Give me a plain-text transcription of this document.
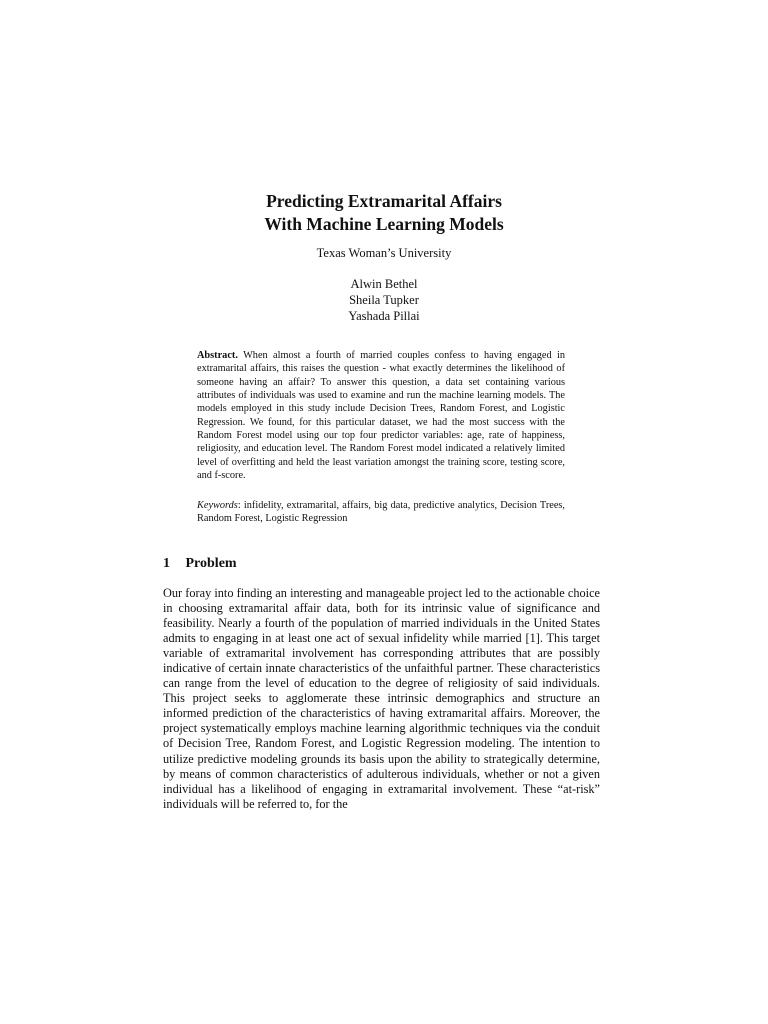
Predicting Extramarital Affairs
With Machine Learning Models
Texas Woman’s University
Alwin Bethel
Sheila Tupker
Yashada Pillai
Abstract. When almost a fourth of married couples confess to having engaged in extramarital affairs, this raises the question - what exactly determines the likelihood of someone having an affair? To answer this question, a data set containing various attributes of individuals was used to examine and run the machine learning models. The models employed in this study include Decision Trees, Random Forest, and Logistic Regression. We found, for this particular dataset, we had the most success with the Random Forest model using our top four predictor variables: age, rate of happiness, religiosity, and education level. The Random Forest model indicated a relatively limited level of overfitting and held the least variation amongst the training score, testing score, and f-score.
Keywords: infidelity, extramarital, affairs, big data, predictive analytics, Decision Trees, Random Forest, Logistic Regression
1 Problem
Our foray into finding an interesting and manageable project led to the actionable choice in choosing extramarital affair data, both for its intrinsic value of significance and feasibility. Nearly a fourth of the population of married individuals in the United States admits to engaging in at least one act of sexual infidelity while married [1]. This target variable of extramarital involvement has corresponding attributes that are possibly indicative of certain innate characteristics of the unfaithful partner. These characteristics can range from the level of education to the degree of religiosity of said individuals. This project seeks to agglomerate these intrinsic demographics and structure an informed prediction of the characteristics of having extramarital affairs. Moreover, the project systematically employs machine learning algorithmic techniques via the conduit of Decision Tree, Random Forest, and Logistic Regression modeling. The intention to utilize predictive modeling grounds its basis upon the ability to strategically determine, by means of common characteristics of adulterous individuals, whether or not a given individual has a likelihood of engaging in extramarital involvement. These “at-risk” individuals will be referred to, for the
